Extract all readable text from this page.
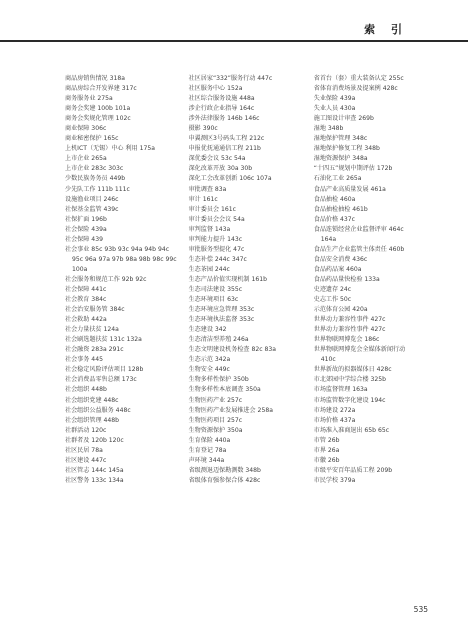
索 引
商品房销售情况 318a
商品房综合开发界建 317c
商务服务业 275a
商务会奖建 100b 101a
商务会奖规化管理 102c
商业保障 306c
商业秘密保护 165c
上机ICT（无锡）中心 利用 175a
上市企业 265a
上市企业 283c 303c
少数民族务务员 449b
少先队工作 111b 111c
设施渔业项目 246c
社保基金监管 439c
社保扩面 196b
社会保险 439a
社会保障 439
社会事业 85c 93b 93c 94a 94b 94c
95c 96a 97a 97b 98a 98b 98c 99c
100a
社会服务和规范工作 92b 92c
社会保障 441c
社会教育 384c
社会治安服务管 384c
社会救助 442a
社会力量扶贫 124a
社会刷选题扶贫 131c 132a
社会融资 283a 291c
社会事务 445
社会稳定风险评估项目 128b
社会消费品零售总额 173c
社会组织 448b
社会组织党建 448c
社会组织公益服务 448c
社会组织管理 448b
社群活动 120c
社群者及 120b 120c
社区民居 78a
社区建设 447c
社区管志 144c 145a
社区警务 133c 134a
社区居家“332”服务行动 447c
社区服务中心 152a
社区综合服务设施 448a
涉企行政企业指导 164c
涉外法律服务 146b 146c
摄影 390c
申翼测区3号码头工程 212c
申报优抚通通信工程 211b
深优委会议 53c 54a
深化改革开放 30a 30b
深化工会改革创新 106c 107a
审批调查 83a
审计 161c
审计委员会 161c
审计委员会会议 54a
审判监督 143a
审判能力提升 143c
审批服务型提化 47c
生态补偿 244c 347c
生态茶园 244c
生态产品价值实现机制 161b
生态司法建设 355c
生态环境项目 63c
生态环境应急管理 353c
生态环境执法监督 353c
生态建设 342
生态清洁型养殖 246a
生态文明建设机务检查 82c 83a
生态示范 342a
生物安全 449c
生物多样性保护 350b
生物多样性本底调查 350a
生物医药产业 257c
生物医药产业发展推进会 258a
生物医药项目 257c
生物资源保护 350a
生育保险 440a
生育登记 78a
声环境 344a
省级测退迈保勘测数 348b
省级体育强参保合体 428c
省首台（套）重大装备认定 255c
省体育消费场景及提案例 428c
失业保险 439a
失业人员 430a
施工图设计审查 269b
湿地 348b
湿地保护管理 348c
湿地保护修复工程 348b
湿地资源保护 348a
“十四五”规划中期评估 172b
石油化工业 265a
食品产业高质量发展 461a
食品抽检 460a
食品抽检抽检 461b
食品价格 437c
食品连锁经营企业监督评审 464c
164a
食品生产企业监管主体责任 460b
食品安全消费 436c
食品药品案 460a
食品药品量快检验 133a
史迹遗存 24c
史志工作 50c
示范体育公园 420a
世界动力兼容性事件 427c
世界动力兼容性事件 427c
世界物联网博览会 186c
世界物联网博览会全媒体新闻行动
410c
世界新故的拟器媒体日 428c
市北郊园中学综合楼 325b
市场监督管理 163a
市场监管数字化建设 194c
市场建设 272a
市场价格 437a
市场准入准商退出 65b 65c
市管 26b
市界 26a
市徽 26b
市级平安百年品质工程 209b
市民学校 379a
535
